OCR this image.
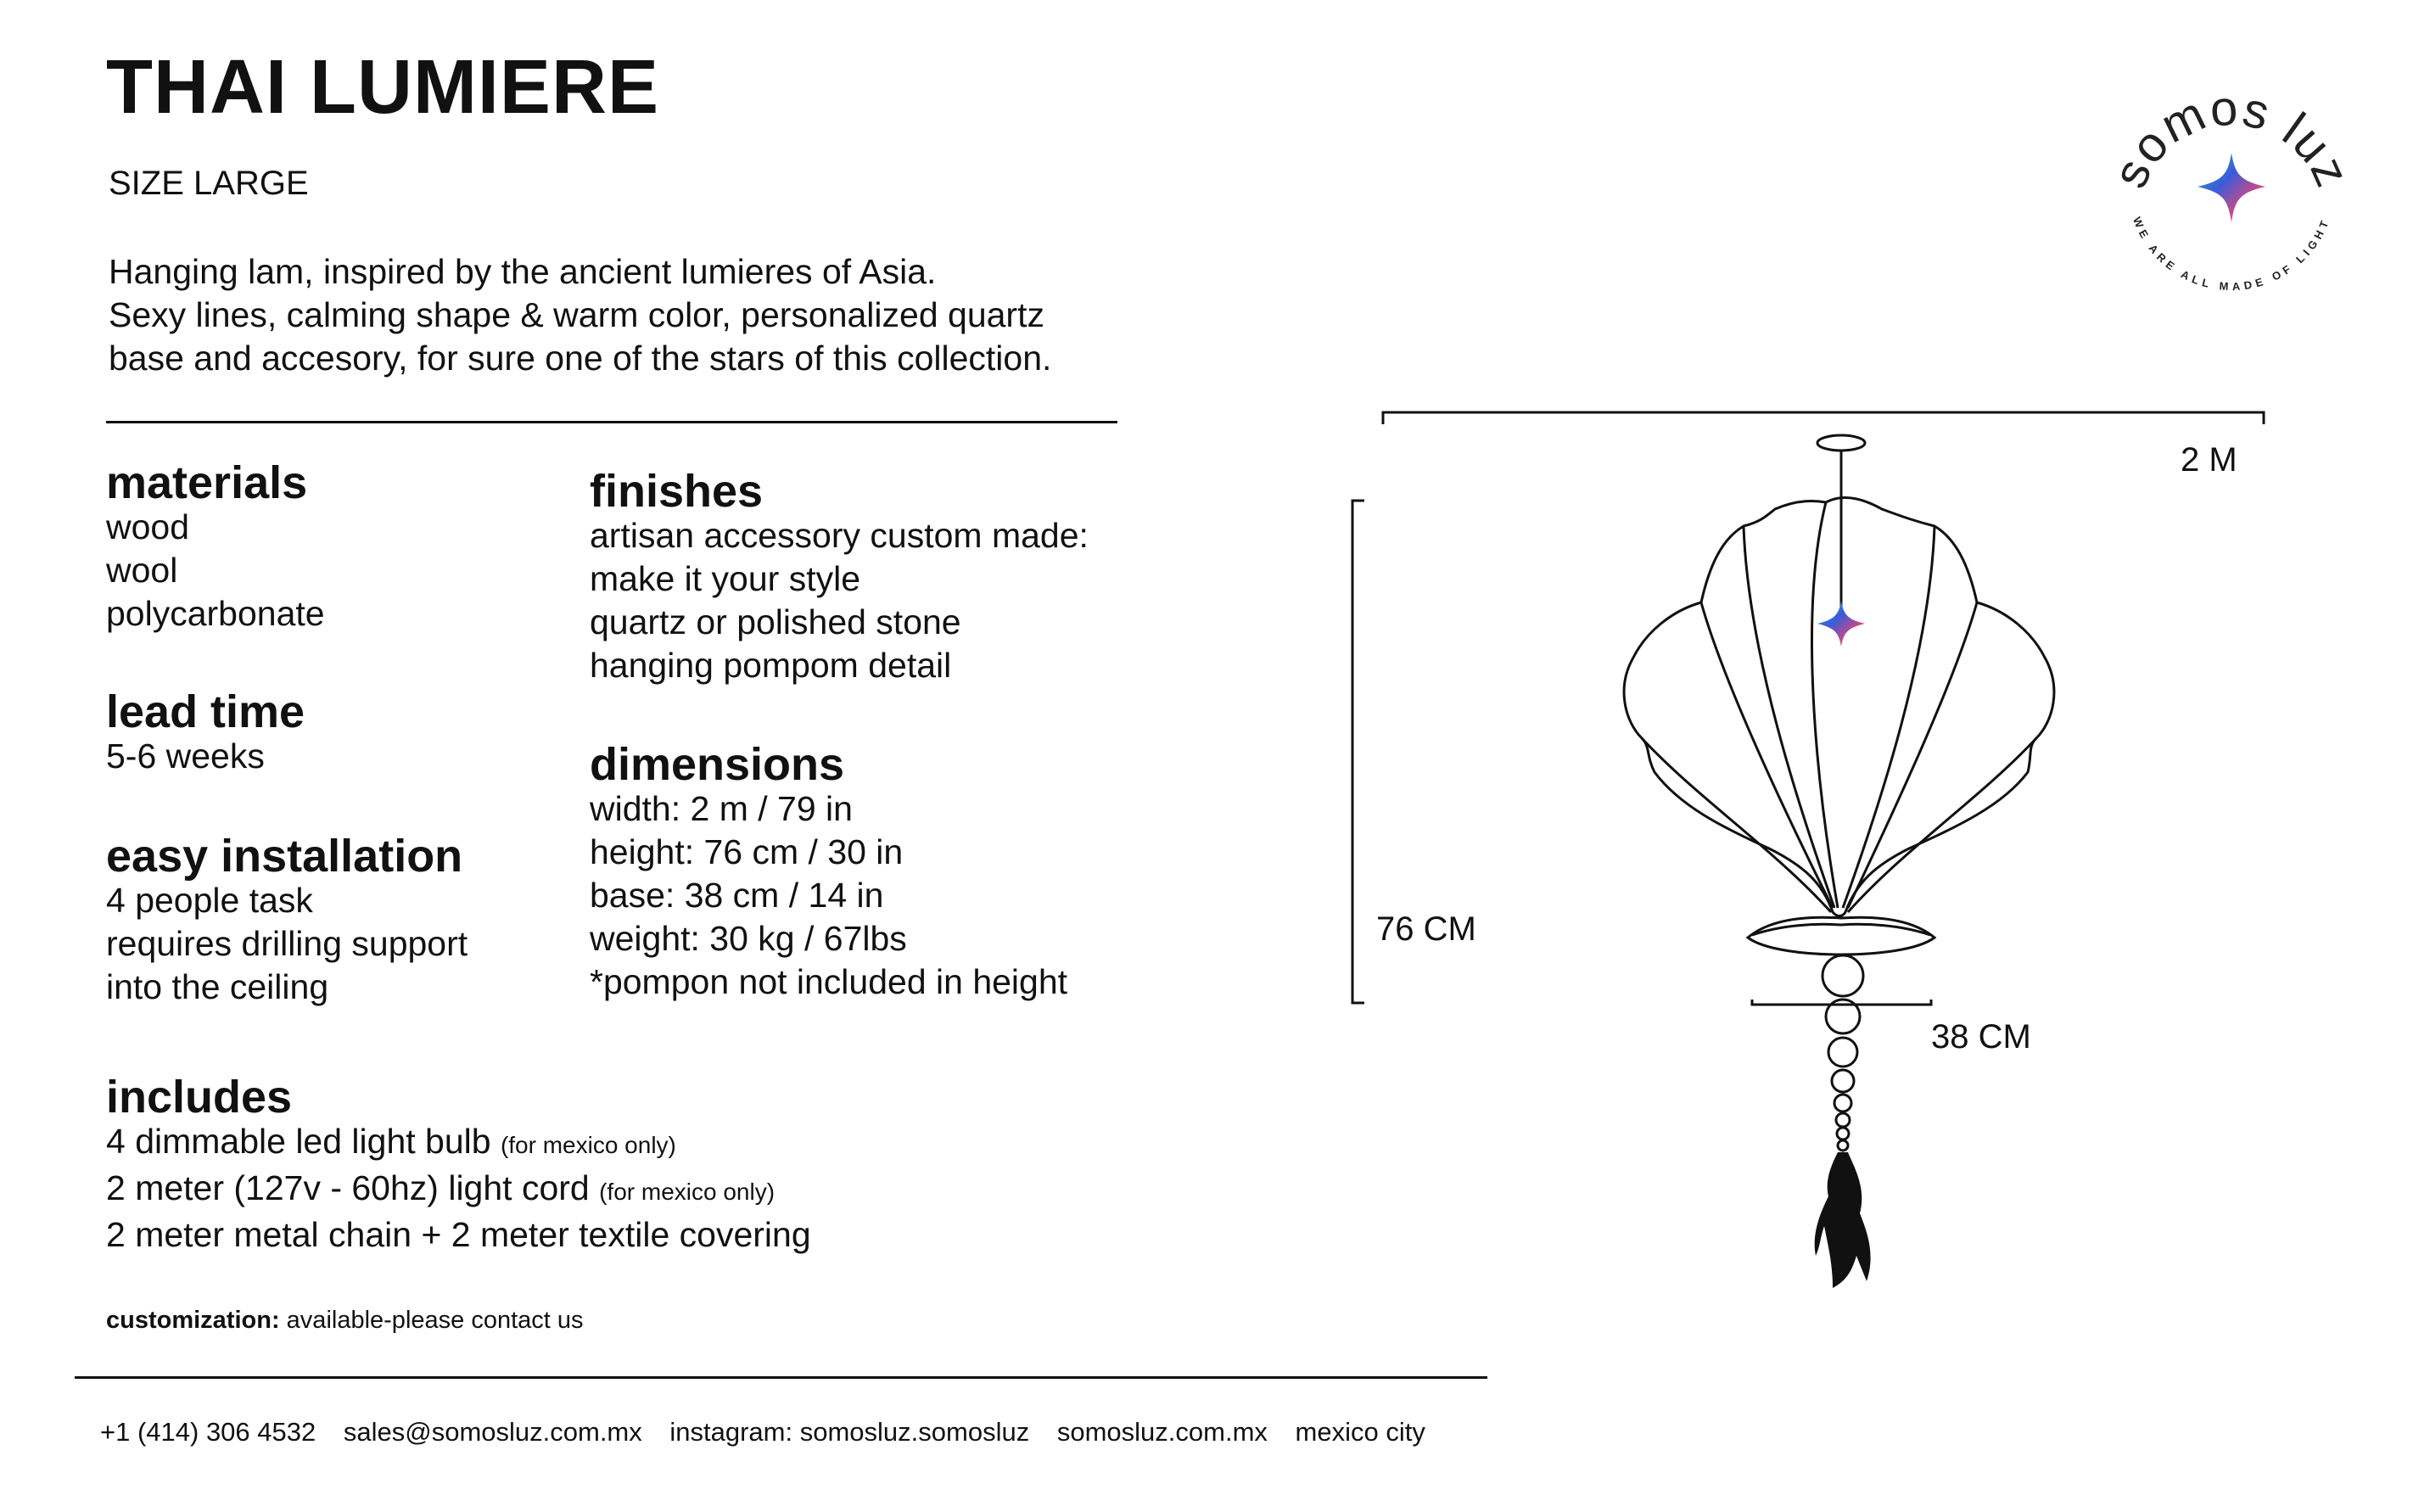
THAI LUMIERE
SIZE LARGE
Hanging lam, inspired by the ancient lumieres of Asia.
Sexy lines, calming shape & warm color, personalized quartz
base and accesory, for sure one of the stars of this collection.
materials
wood
wool
polycarbonate
lead time
5-6 weeks
easy installation
4 people task
requires drilling support
into the ceiling
finishes
artisan accessory custom made:
make it your style
quartz or polished stone
hanging pompom detail
dimensions
width: 2 m / 79 in
height: 76 cm / 30 in
base: 38 cm / 14 in
weight: 30 kg / 67lbs
*pompon not included in height
includes
4 dimmable led light bulb (for mexico only)
2 meter (127v - 60hz) light cord (for mexico only)
2 meter metal chain + 2 meter textile covering
customization: available-please contact us
+1 (414) 306 4532 sales@somosluz.com.mx instagram: somosluz.somosluz somosluz.com.mx mexico city
somos luz
WE ARE ALL MADE OF LIGHT
2 M
76 CM
38 CM
